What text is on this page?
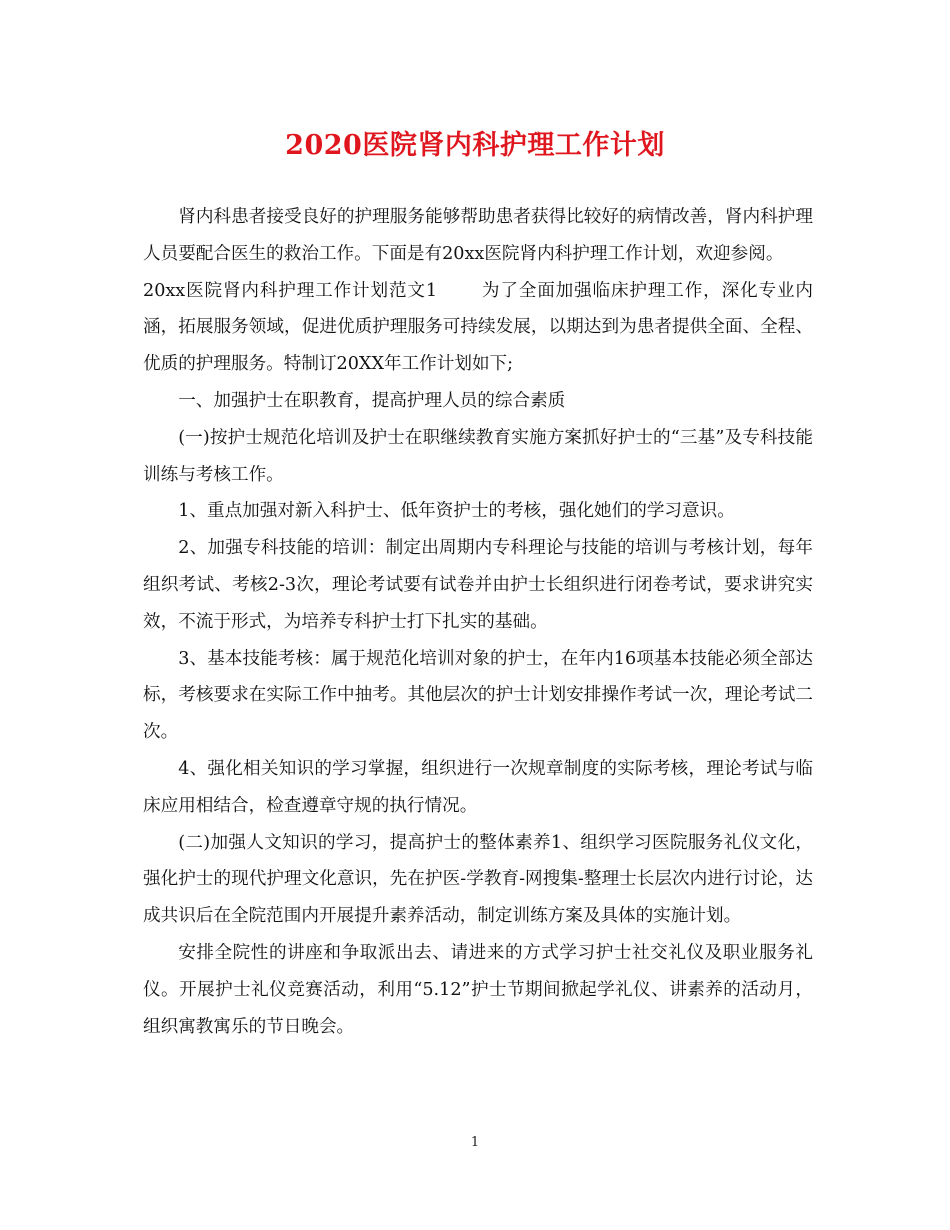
2020医院肾内科护理工作计划

肾内科患者接受良好的护理服务能够帮助患者获得比较好的病情改善，肾内科护理人员要配合医生的救治工作。下面是有20xx医院肾内科护理工作计划，欢迎参阅。

20xx医院肾内科护理工作计划范文1	为了全面加强临床护理工作，深化专业内涵，拓展服务领域，促进优质护理服务可持续发展，以期达到为患者提供全面、全程、优质的护理服务。特制订20XX年工作计划如下;

一、加强护士在职教育，提高护理人员的综合素质

(一)按护士规范化培训及护士在职继续教育实施方案抓好护士的“三基”及专科技能训练与考核工作。

1、重点加强对新入科护士、低年资护士的考核，强化她们的学习意识。

2、加强专科技能的培训：制定出周期内专科理论与技能的培训与考核计划，每年组织考试、考核2-3次，理论考试要有试卷并由护士长组织进行闭卷考试，要求讲究实效，不流于形式，为培养专科护士打下扎实的基础。

3、基本技能考核：属于规范化培训对象的护士，在年内16项基本技能必须全部达标，考核要求在实际工作中抽考。其他层次的护士计划安排操作考试一次，理论考试二次。

4、强化相关知识的学习掌握，组织进行一次规章制度的实际考核，理论考试与临床应用相结合，检查遵章守规的执行情况。

(二)加强人文知识的学习，提高护士的整体素养1、组织学习医院服务礼仪文化，强化护士的现代护理文化意识，先在护医-学教育-网搜集-整理士长层次内进行讨论，达成共识后在全院范围内开展提升素养活动，制定训练方案及具体的实施计划。

安排全院性的讲座和争取派出去、请进来的方式学习护士社交礼仪及职业服务礼仪。开展护士礼仪竞赛活动，利用“5.12”护士节期间掀起学礼仪、讲素养的活动月，组织寓教寓乐的节日晚会。

1
